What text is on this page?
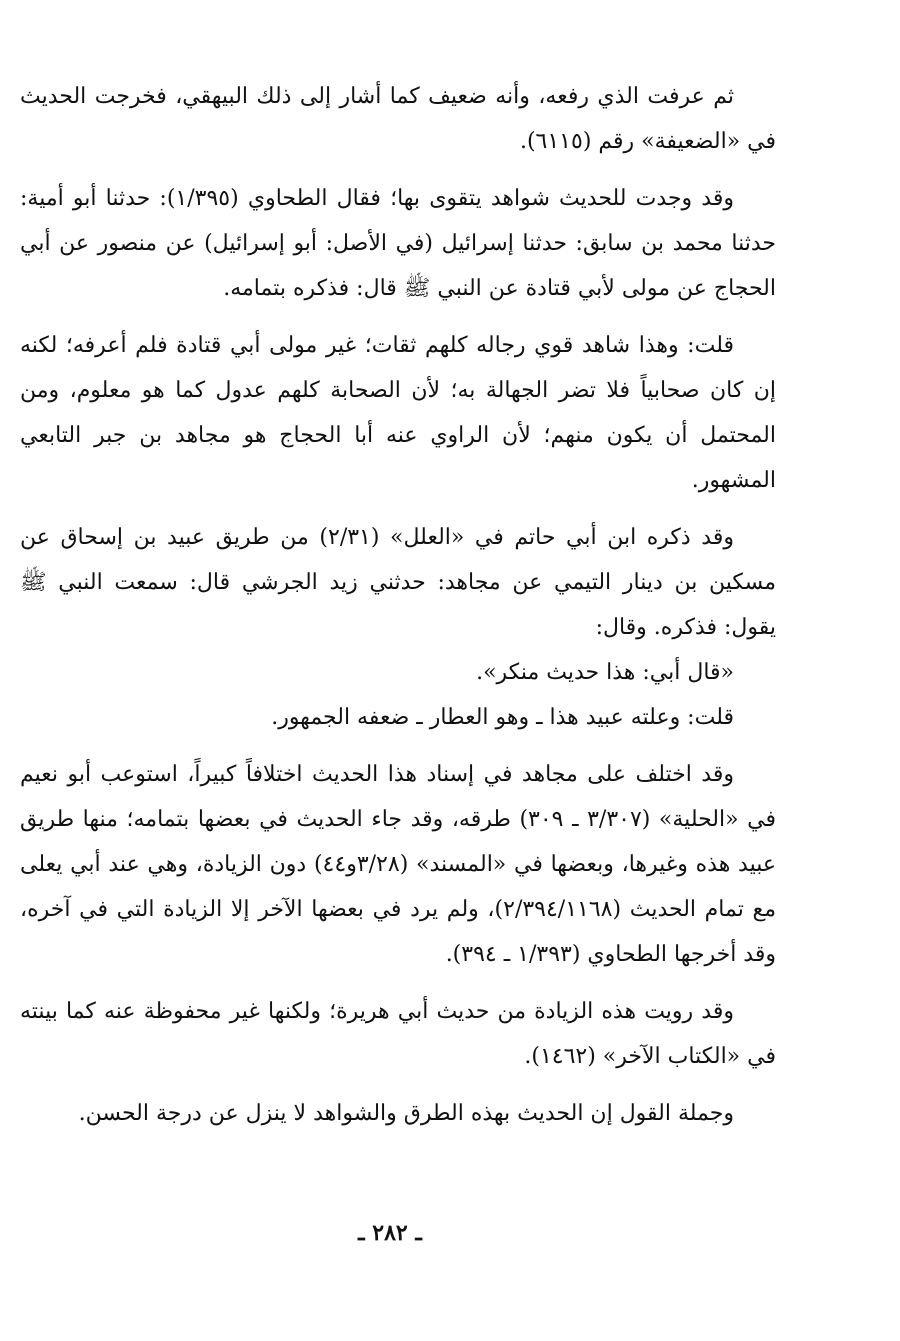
ثم عرفت الذي رفعه، وأنه ضعيف كما أشار إلى ذلك البيهقي، فخرجت الحديث في «الضعيفة» رقم (٦١١٥).

وقد وجدت للحديث شواهد يتقوى بها؛ فقال الطحاوي (١/٣٩٥): حدثنا أبو أمية: حدثنا محمد بن سابق: حدثنا إسرائيل (في الأصل: أبو إسرائيل) عن منصور عن أبي الحجاج عن مولى لأبي قتادة عن النبي ﷺ قال: فذكره بتمامه.

قلت: وهذا شاهد قوي رجاله كلهم ثقات؛ غير مولى أبي قتادة فلم أعرفه؛ لكنه إن كان صحابياً فلا تضر الجهالة به؛ لأن الصحابة كلهم عدول كما هو معلوم، ومن المحتمل أن يكون منهم؛ لأن الراوي عنه أبا الحجاج هو مجاهد بن جبر التابعي المشهور.

وقد ذكره ابن أبي حاتم في «العلل» (٢/٣١) من طريق عبيد بن إسحاق عن مسكين بن دينار التيمي عن مجاهد: حدثني زيد الجرشي قال: سمعت النبي ﷺ يقول: فذكره. وقال:

«قال أبي: هذا حديث منكر».

قلت: وعلته عبيد هذا ـ وهو العطار ـ ضعفه الجمهور.

وقد اختلف على مجاهد في إسناد هذا الحديث اختلافاً كبيراً، استوعب أبو نعيم في «الحلية» (٣/٣٠٧ ـ ٣٠٩) طرقه، وقد جاء الحديث في بعضها بتمامه؛ منها طريق عبيد هذه وغيرها، وبعضها في «المسند» (٣/٢٨و٤٤) دون الزيادة، وهي عند أبي يعلى مع تمام الحديث (٢/٣٩٤/١١٦٨)، ولم يرد في بعضها الآخر إلا الزيادة التي في آخره، وقد أخرجها الطحاوي (١/٣٩٣ ـ ٣٩٤).

وقد رويت هذه الزيادة من حديث أبي هريرة؛ ولكنها غير محفوظة عنه كما بينته في «الكتاب الآخر» (١٤٦٢).

وجملة القول إن الحديث بهذه الطرق والشواهد لا ينزل عن درجة الحسن.

ـ ٢٨٢ ـ
